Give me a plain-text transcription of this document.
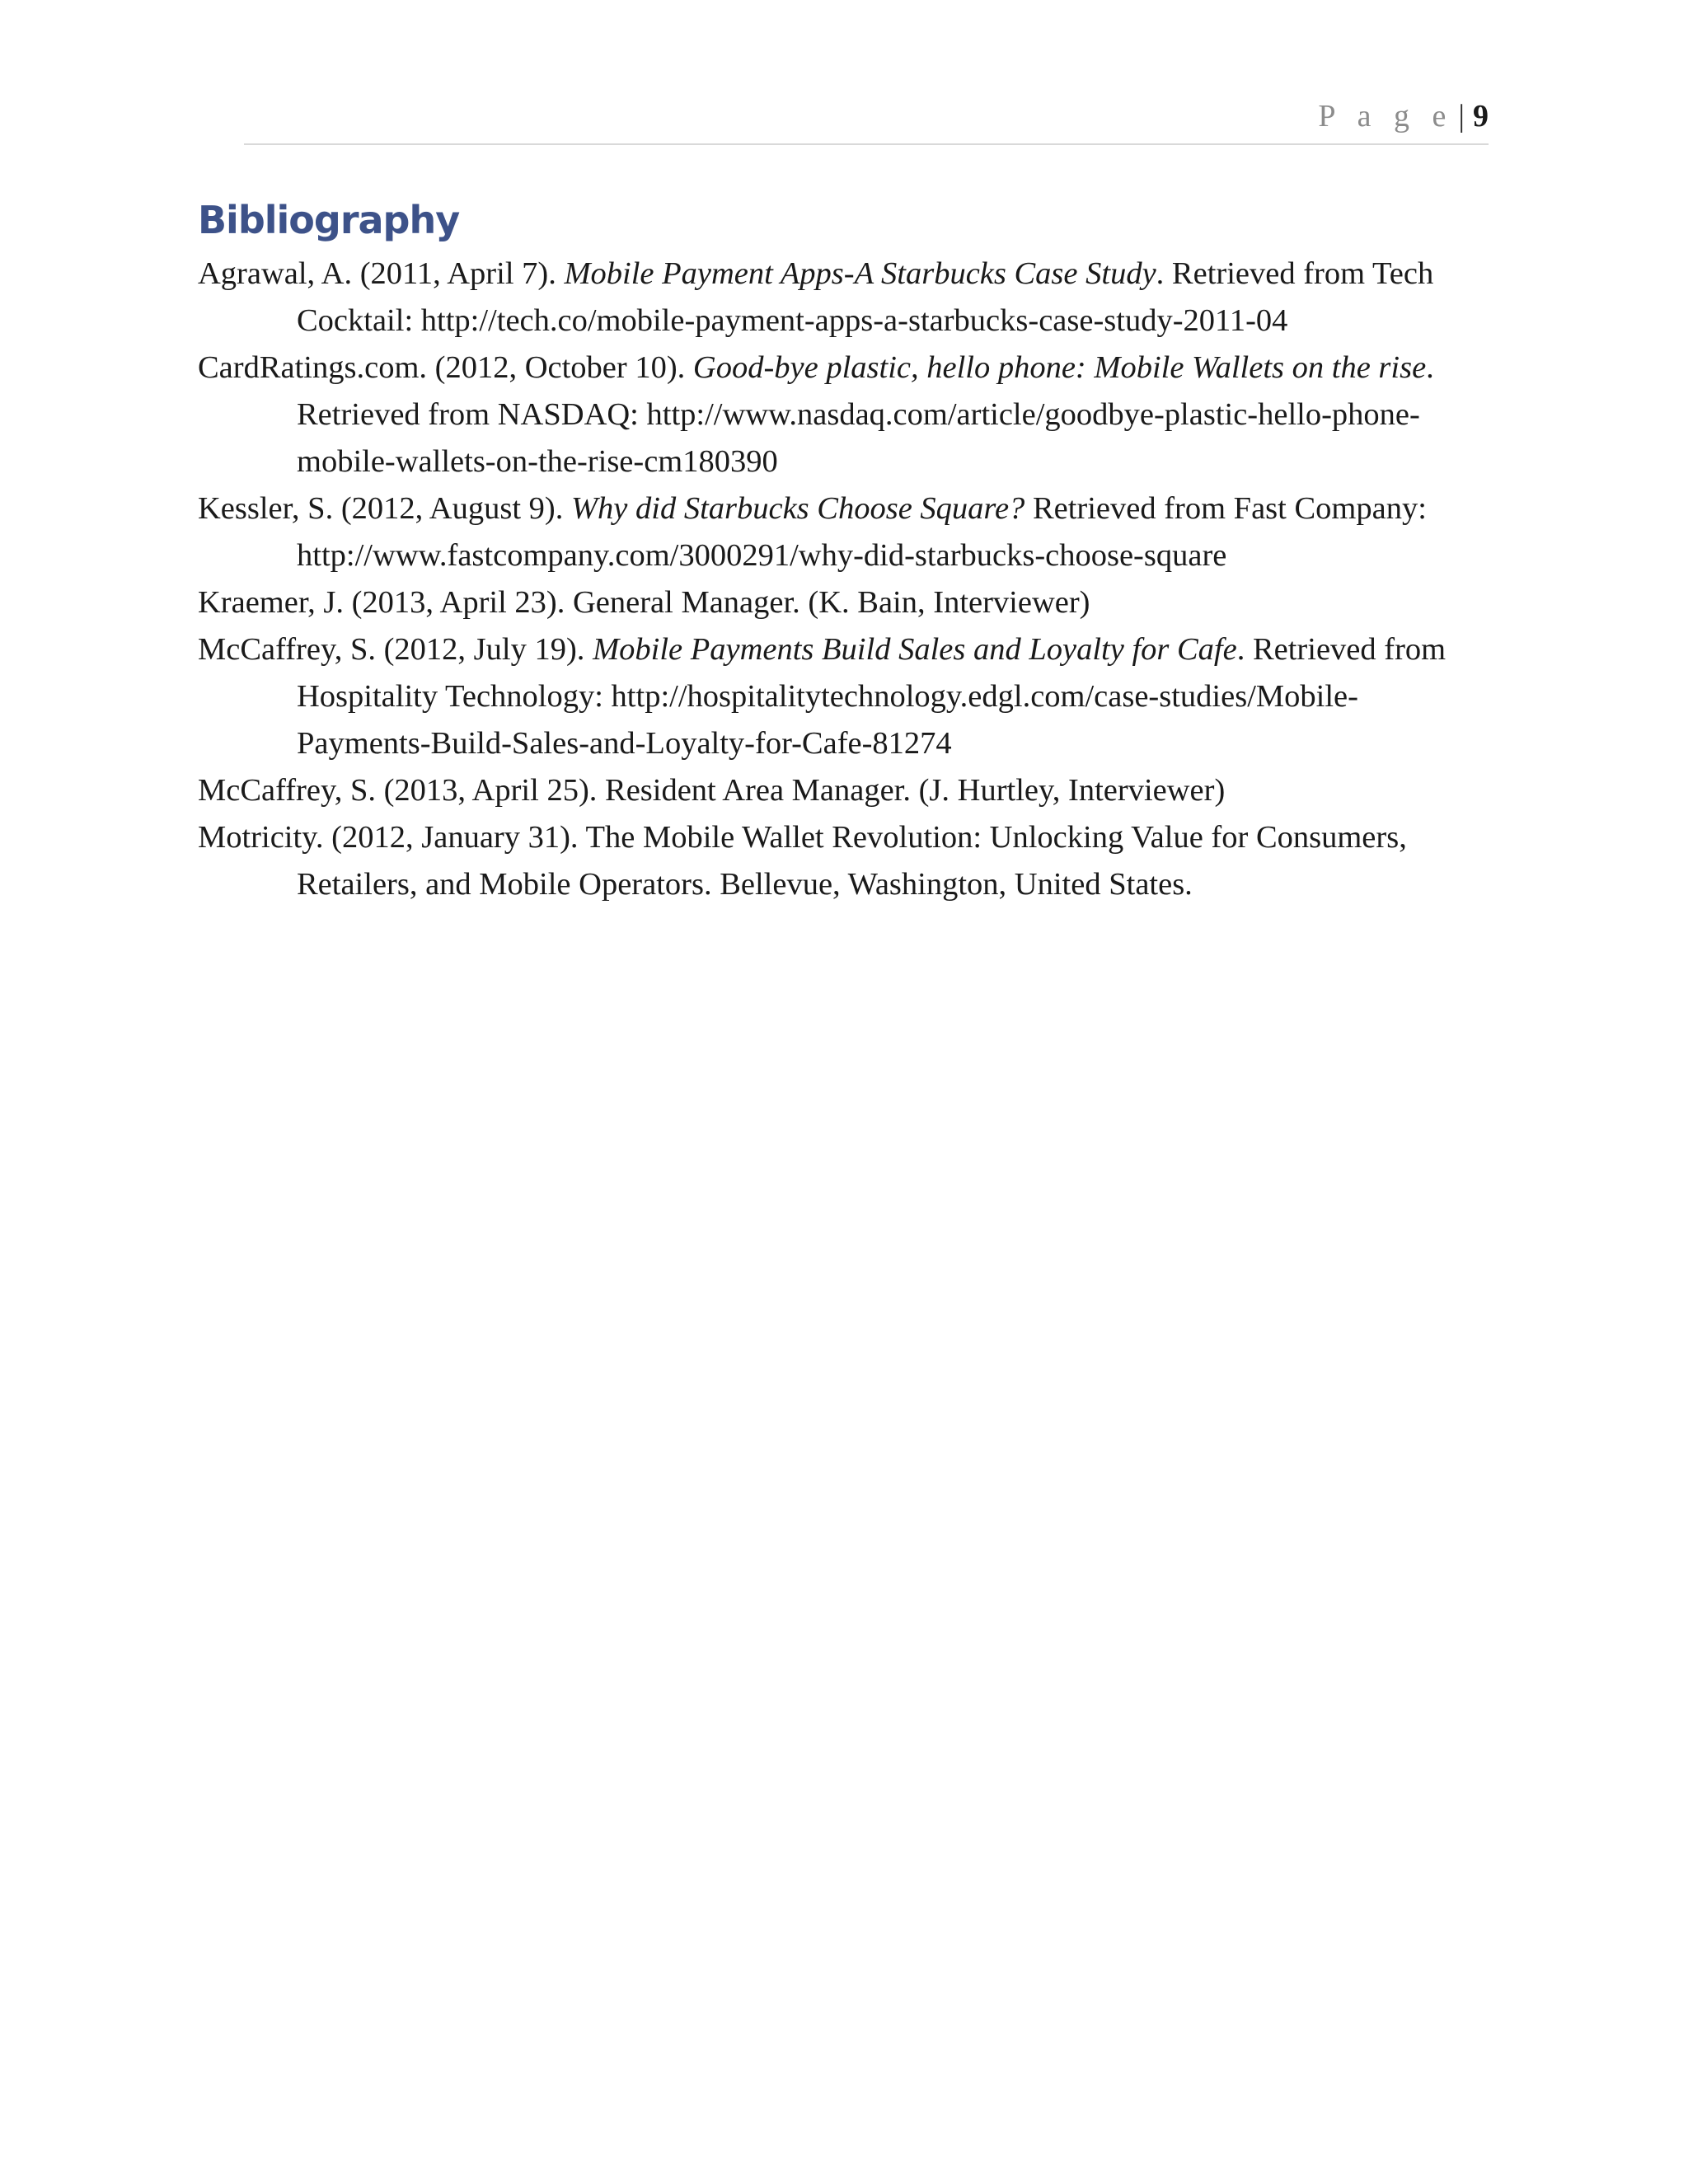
P a g e | 9
Bibliography
Agrawal, A. (2011, April 7). Mobile Payment Apps-A Starbucks Case Study. Retrieved from Tech Cocktail: http://tech.co/mobile-payment-apps-a-starbucks-case-study-2011-04
CardRatings.com. (2012, October 10). Good-bye plastic, hello phone: Mobile Wallets on the rise. Retrieved from NASDAQ: http://www.nasdaq.com/article/goodbye-plastic-hello-phone-mobile-wallets-on-the-rise-cm180390
Kessler, S. (2012, August 9). Why did Starbucks Choose Square? Retrieved from Fast Company: http://www.fastcompany.com/3000291/why-did-starbucks-choose-square
Kraemer, J. (2013, April 23). General Manager. (K. Bain, Interviewer)
McCaffrey, S. (2012, July 19). Mobile Payments Build Sales and Loyalty for Cafe. Retrieved from Hospitality Technology: http://hospitalitytechnology.edgl.com/case-studies/Mobile-Payments-Build-Sales-and-Loyalty-for-Cafe-81274
McCaffrey, S. (2013, April 25). Resident Area Manager. (J. Hurtley, Interviewer)
Motricity. (2012, January 31). The Mobile Wallet Revolution: Unlocking Value for Consumers, Retailers, and Mobile Operators. Bellevue, Washington, United States.
